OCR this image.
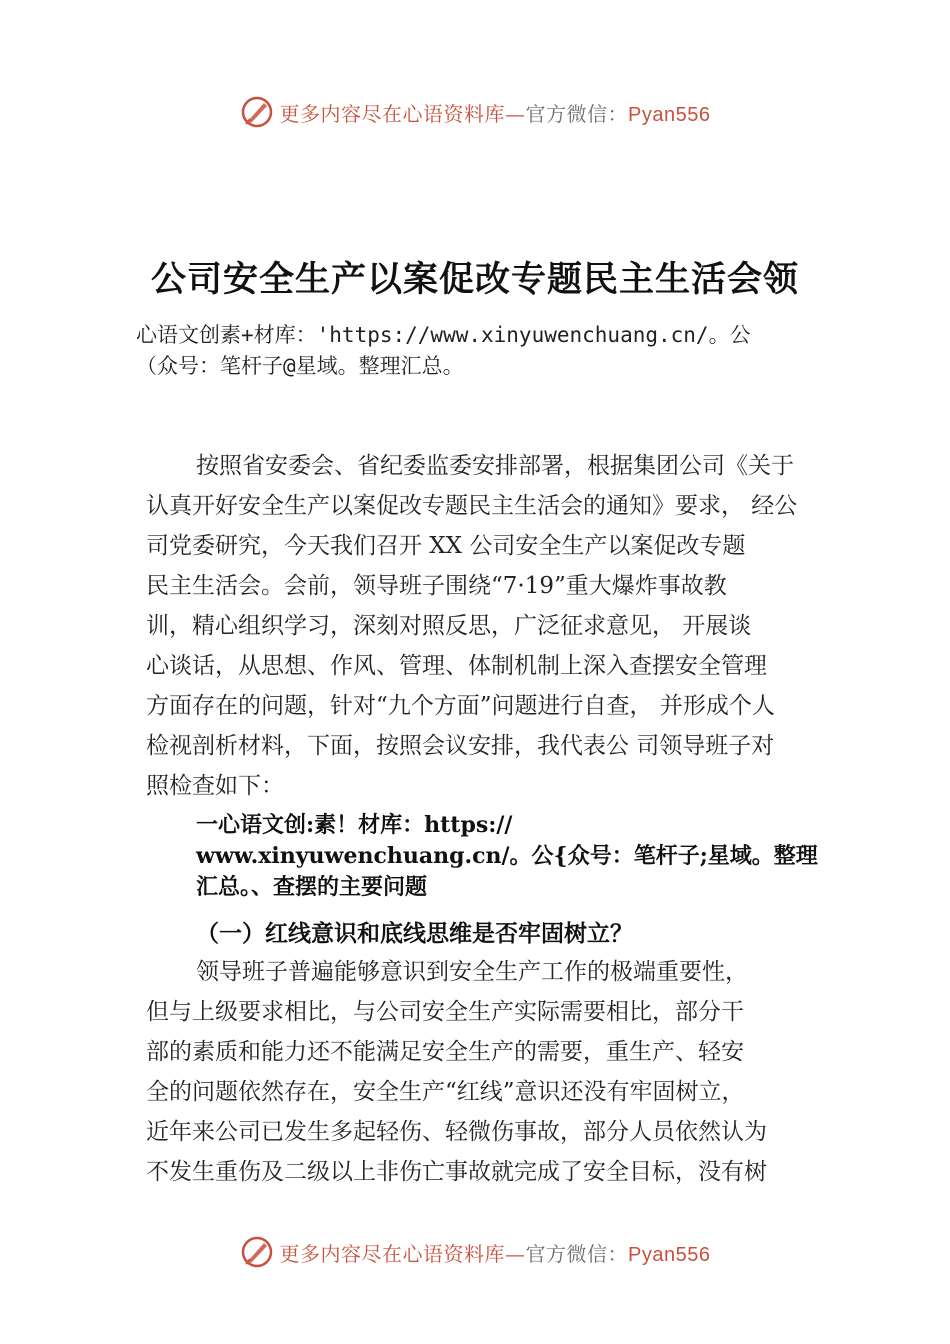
更多内容尽在心语资料库—官方微信：Pyan556
公司安全生产以案促改专题民主生活会领
心语文创素+材库：'https://www.xinyuwenchuang.cn/。公
（众号：笔杆子@星域。整理汇总。
按照省安委会、省纪委监委安排部署，根据集团公司《关于
认真开好安全生产以案促改专题民主生活会的通知》要求， 经公
司党委研究，今天我们召开 XX 公司安全生产以案促改专题
民主生活会。会前，领导班子围绕“7·19”重大爆炸事故教
训，精心组织学习，深刻对照反思，广泛征求意见， 开展谈
心谈话，从思想、作风、管理、体制机制上深入查摆安全管理
方面存在的问题，针对“九个方面”问题进行自查， 并形成个人
检视剖析材料，下面，按照会议安排，我代表公 司领导班子对
照检查如下：
一心语文创:素！材库：https://
www.xinyuwenchuang.cn/。公{众号：笔杆子;星域。整理
汇总。、查摆的主要问题
（一）红线意识和底线思维是否牢固树立？
领导班子普遍能够意识到安全生产工作的极端重要性，
但与上级要求相比，与公司安全生产实际需要相比，部分干
部的素质和能力还不能满足安全生产的需要，重生产、轻安
全的问题依然存在，安全生产“红线”意识还没有牢固树立，
近年来公司已发生多起轻伤、轻微伤事故，部分人员依然认为
不发生重伤及二级以上非伤亡事故就完成了安全目标，没有树
更多内容尽在心语资料库—官方微信：Pyan556
